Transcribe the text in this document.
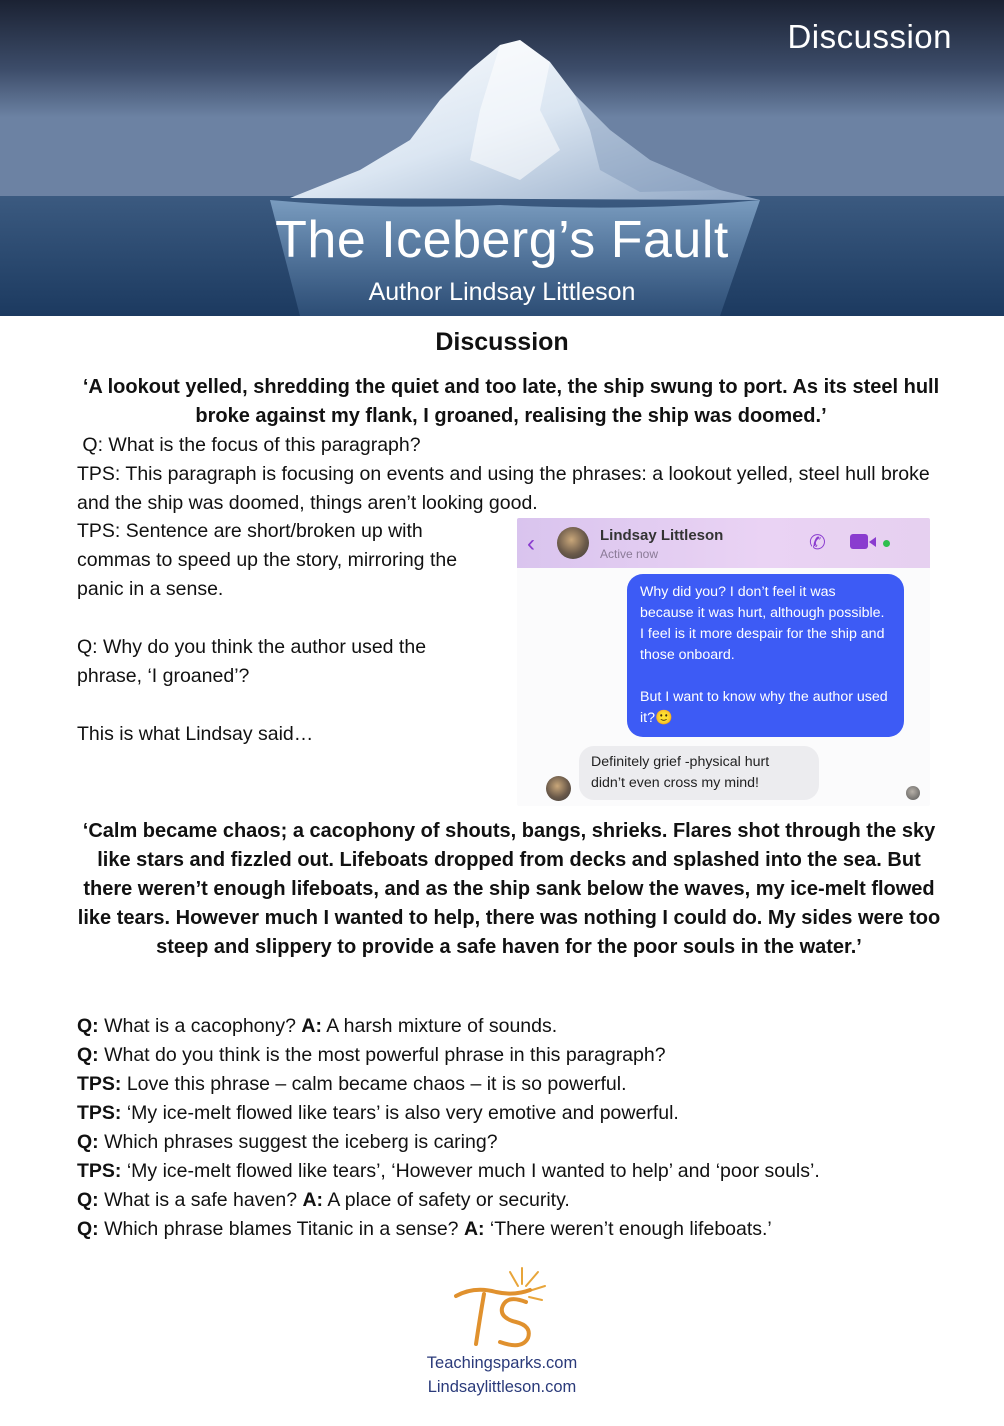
Discussion
The Iceberg’s Fault
Author Lindsay Littleson
Discussion
‘A lookout yelled, shredding the quiet and too late, the ship swung to port. As its steel hull broke against my flank, I groaned, realising the ship was doomed.’

Q: What is the focus of this paragraph?

TPS: This paragraph is focusing on events and using the phrases: a lookout yelled, steel hull broke and the ship was doomed, things aren’t looking good.

TPS: Sentence are short/broken up with commas to speed up the story, mirroring the panic in a sense.

Q: Why do you think the author used the phrase, ‘I groaned’?

This is what Lindsay said…

‹	Lindsay Littleson
Active now	✆

Why did you? I don’t feel it was because it was hurt, although possible. I feel is it more despair for the ship and those onboard.

But I want to know why the author used it?🙂

Definitely grief -physical hurt didn’t even cross my mind!
‘Calm became chaos; a cacophony of shouts, bangs, shrieks. Flares shot through the sky like stars and fizzled out. Lifeboats dropped from decks and splashed into the sea. But there weren’t enough lifeboats, and as the ship sank below the waves, my ice-melt flowed like tears. However much I wanted to help, there was nothing I could do. My sides were too steep and slippery to provide a safe haven for the poor souls in the water.’

Q: What is a cacophony? A: A harsh mixture of sounds.

Q: What do you think is the most powerful phrase in this paragraph?

TPS: Love this phrase – calm became chaos – it is so powerful.

TPS: ‘My ice-melt flowed like tears’ is also very emotive and powerful.

Q: Which phrases suggest the iceberg is caring?

TPS: ‘My ice-melt flowed like tears’, ‘However much I wanted to help’ and ‘poor souls’.

Q: What is a safe haven? A: A place of safety or security.

Q: Which phrase blames Titanic in a sense? A: ‘There weren’t enough lifeboats.’

Teachingsparks.com
Lindsaylittleson.com
